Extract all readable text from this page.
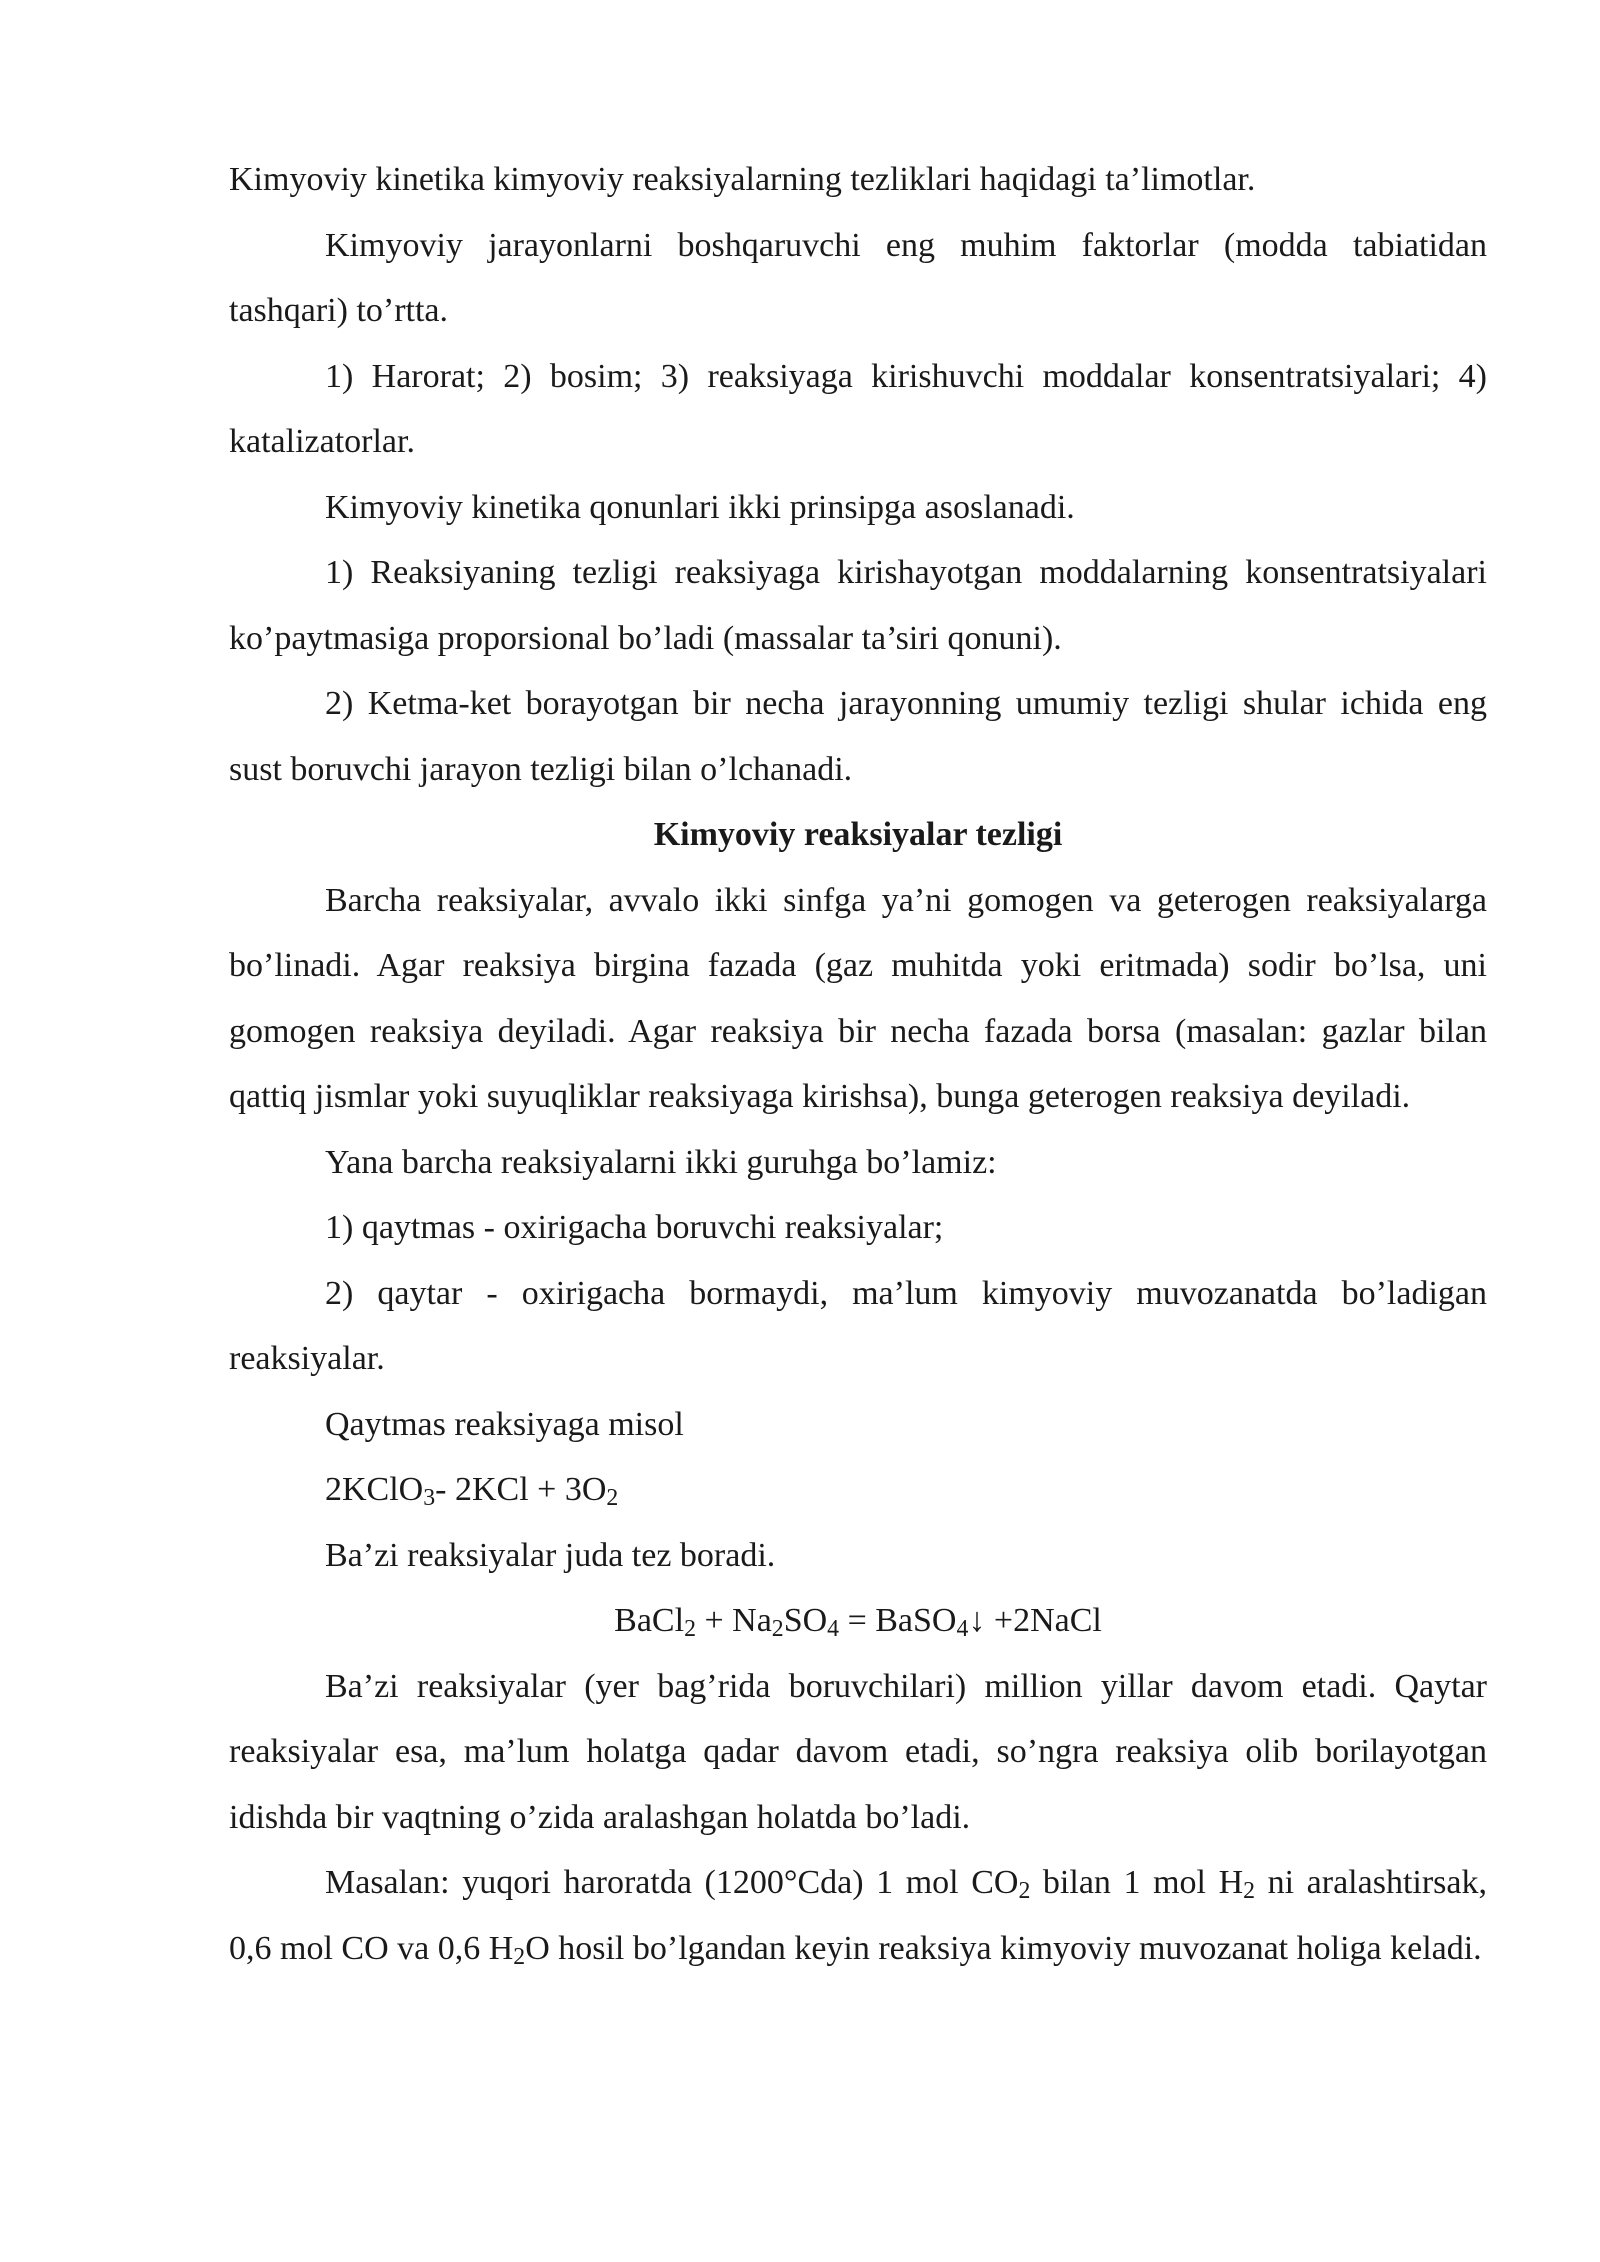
Kimyoviy kinetika kimyoviy reaksiyalarning tezliklari haqidagi ta’limotlar.

Kimyoviy jarayonlarni boshqaruvchi eng muhim faktorlar (modda tabiatidan tashqari) to’rtta.

1) Harorat; 2) bosim; 3) reaksiyaga kirishuvchi moddalar konsentratsiyalari; 4) katalizatorlar.

Kimyoviy kinetika qonunlari ikki prinsipga asoslanadi.

1) Reaksiyaning tezligi reaksiyaga kirishayotgan moddalarning konsentratsiyalari ko’paytmasiga proporsional bo’ladi (massalar ta’siri qonuni).

2) Ketma-ket borayotgan bir necha jarayonning umumiy tezligi shular ichida eng sust boruvchi jarayon tezligi bilan o’lchanadi.

Kimyoviy reaksiyalar tezligi

Barcha reaksiyalar, avvalo ikki sinfga ya’ni gomogen va geterogen reaksiyalarga bo’linadi. Agar reaksiya birgina fazada (gaz muhitda yoki eritmada) sodir bo’lsa, uni gomogen reaksiya deyiladi. Agar reaksiya bir necha fazada borsa (masalan: gazlar bilan qattiq jismlar yoki suyuqliklar reaksiyaga kirishsa), bunga geterogen reaksiya deyiladi.

Yana barcha reaksiyalarni ikki guruhga bo’lamiz:

1) qaytmas - oxirigacha boruvchi reaksiyalar;

2) qaytar - oxirigacha bormaydi, ma’lum kimyoviy muvozanatda bo’ladigan reaksiyalar.

Qaytmas reaksiyaga misol

2KClO$_3$- $2KCl + 3O_2$

Ba’zi reaksiyalar juda tez boradi.

BaCl$_2$ + $Na_2SO_4$ = BaSO$_4$↓ +2NaCl

Ba’zi reaksiyalar (yer bag’rida boruvchilari) million yillar davom etadi. Qaytar reaksiyalar esa, ma’lum holatga qadar davom etadi, so’ngra reaksiya olib borilayotgan idishda bir vaqtning o’zida aralashgan holatda bo’ladi.

Masalan: yuqori haroratda (1200°Cda) 1 mol $CO_2$ bilan 1 mol $H_2$ ni aralashtirsak, 0,6 mol CO va 0,6 $H_2O$ hosil bo’lgandan keyin reaksiya kimyoviy muvozanat holiga keladi.
